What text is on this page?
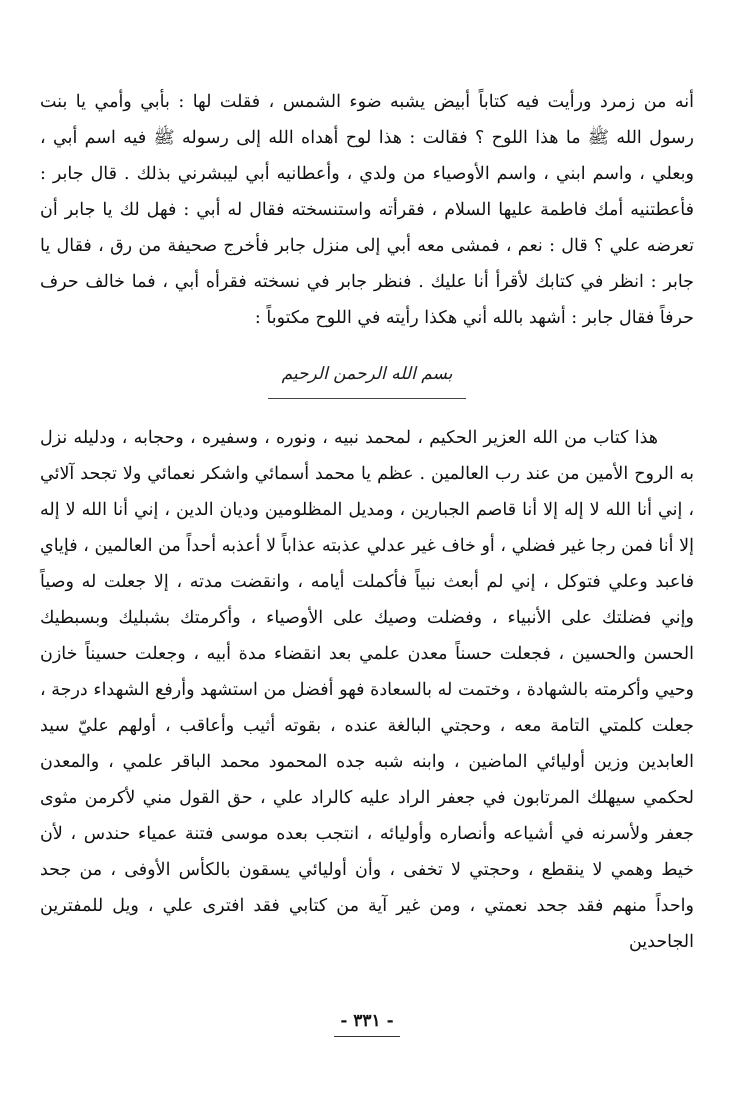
أنه من زمرد ورأيت فيه كتاباً أبيض يشبه ضوء الشمس ، فقلت لها : بأبي وأمي يا بنت رسول الله ﷺ ما هذا اللوح ؟ فقالت : هذا لوح أهداه الله إلى رسوله ﷺ فيه اسم أبي ، وبعلي ، واسم ابني ، واسم الأوصياء من ولدي ، وأعطانيه أبي ليبشرني بذلك . قال جابر : فأعطتنيه أمك فاطمة عليها السلام ، فقرأته واستنسخته فقال له أبي : فهل لك يا جابر أن تعرضه علي ؟ قال : نعم ، فمشى معه أبي إلى منزل جابر فأخرج صحيفة من رق ، فقال يا جابر : انظر في كتابك لأقرأ أنا عليك . فنظر جابر في نسخته فقرأه أبي ، فما خالف حرف حرفاً فقال جابر : أشهد بالله أني هكذا رأيته في اللوح مكتوباً :

بسم الله الرحمن الرحيم

هذا كتاب من الله العزير الحكيم ، لمحمد نبيه ، ونوره ، وسفيره ، وحجابه ، ودليله نزل به الروح الأمين من عند رب العالمين . عظم يا محمد أسمائي واشكر نعمائي ولا تجحد آلائي ، إني أنا الله لا إله إلا أنا قاصم الجبارين ، ومديل المظلومين وديان الدين ، إني أنا الله لا إله إلا أنا فمن رجا غير فضلي ، أو خاف غير عدلي عذبته عذاباً لا أعذبه أحداً من العالمين ، فإياي فاعبد وعلي فتوكل ، إني لم أبعث نبياً فأكملت أيامه ، وانقضت مدته ، إلا جعلت له وصياً وإني فضلتك على الأنبياء ، وفضلت وصيك على الأوصياء ، وأكرمتك بشبليك وبسبطيك الحسن والحسين ، فجعلت حسناً معدن علمي بعد انقضاء مدة أبيه ، وجعلت حسيناً خازن وحيي وأكرمته بالشهادة ، وختمت له بالسعادة فهو أفضل من استشهد وأرفع الشهداء درجة ، جعلت كلمتي التامة معه ، وحجتي البالغة عنده ، بقوته أثيب وأعاقب ، أولهم عليّ سيد العابدين وزين أوليائي الماضين ، وابنه شبه جده المحمود محمد الباقر علمي ، والمعدن لحكمي سيهلك المرتابون في جعفر الراد عليه كالراد علي ، حق القول مني لأكرمن مثوى جعفر ولأسرنه في أشياعه وأنصاره وأوليائه ، انتجب بعده موسى فتنة عمياء حندس ، لأن خيط وهمي لا ينقطع ، وحجتي لا تخفى ، وأن أوليائي يسقون بالكأس الأوفى ، من جحد واحداً منهم فقد جحد نعمتي ، ومن غير آية من كتابي فقد افترى علي ، ويل للمفترين الجاحدين

- ٣٣١ -
